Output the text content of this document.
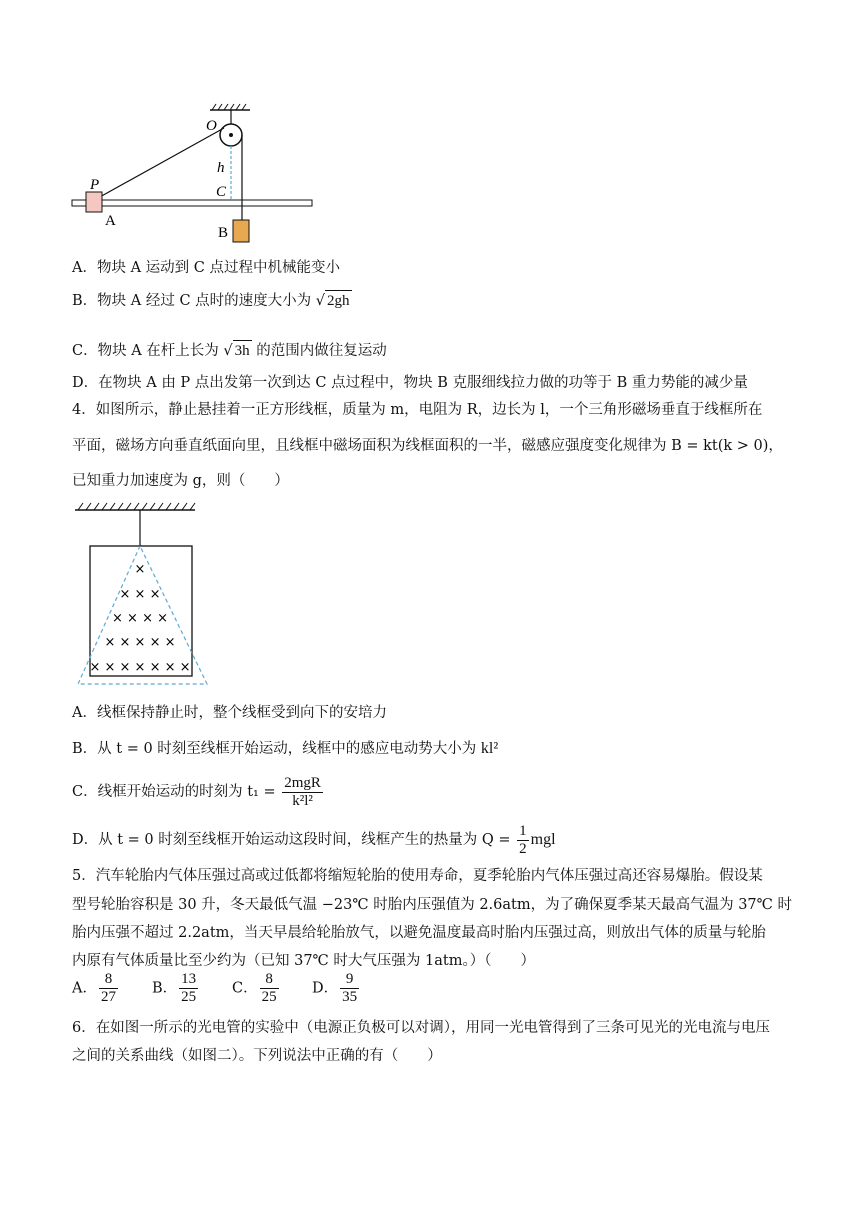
O
h
C
P
A
B
A．物块 A 运动到 C 点过程中机械能变小
B．物块 A 经过 C 点时的速度大小为 √ 2gh
C．物块 A 在杆上长为 √ 3h 的范围内做往复运动
D．在物块 A 由 P 点出发第一次到达 C 点过程中，物块 B 克服细线拉力做的功等于 B 重力势能的减少量
4．如图所示，静止悬挂着一正方形线框，质量为 m，电阻为 R，边长为 l，一个三角形磁场垂直于线框所在
平面，磁场方向垂直纸面向里，且线框中磁场面积为线框面积的一半，磁感应强度变化规律为 B = kt(k > 0)，
已知重力加速度为 g，则（　　）
×
× × ×
× × × ×
× × × × ×
× × × × × × ×
A．线框保持静止时，整个线框受到向下的安培力
B．从 t = 0 时刻至线框开始运动，线框中的感应电动势大小为 kl²
C．线框开始运动的时刻为 $t_1 = \frac{\text{2mgR}}{\text{k²l²}}$
D．从 t = 0 时刻至线框开始运动这段时间，线框产生的热量为 $Q = \frac{1}{2}$ mgl
5．汽车轮胎内气体压强过高或过低都将缩短轮胎的使用寿命，夏季轮胎内气体压强过高还容易爆胎。假设某
型号轮胎容积是 30 升，冬天最低气温 −23℃ 时胎内压强值为 2.6atm，为了确保夏季某天最高气温为 37℃ 时
胎内压强不超过 2.2atm，当天早晨给轮胎放气，以避免温度最高时胎内压强过高，则放出气体的质量与轮胎
内原有气体质量比至少约为（已知 37℃ 时大气压强为 1atm。）（　　）
A． $\frac{8}{27}$ B． $\frac{13}{25}$ C． $\frac{8}{25}$ D． $\frac{9}{35}$
6．在如图一所示的光电管的实验中（电源正负极可以对调），用同一光电管得到了三条可见光的光电流与电压
之间的关系曲线（如图二）。下列说法中正确的有（　　）
